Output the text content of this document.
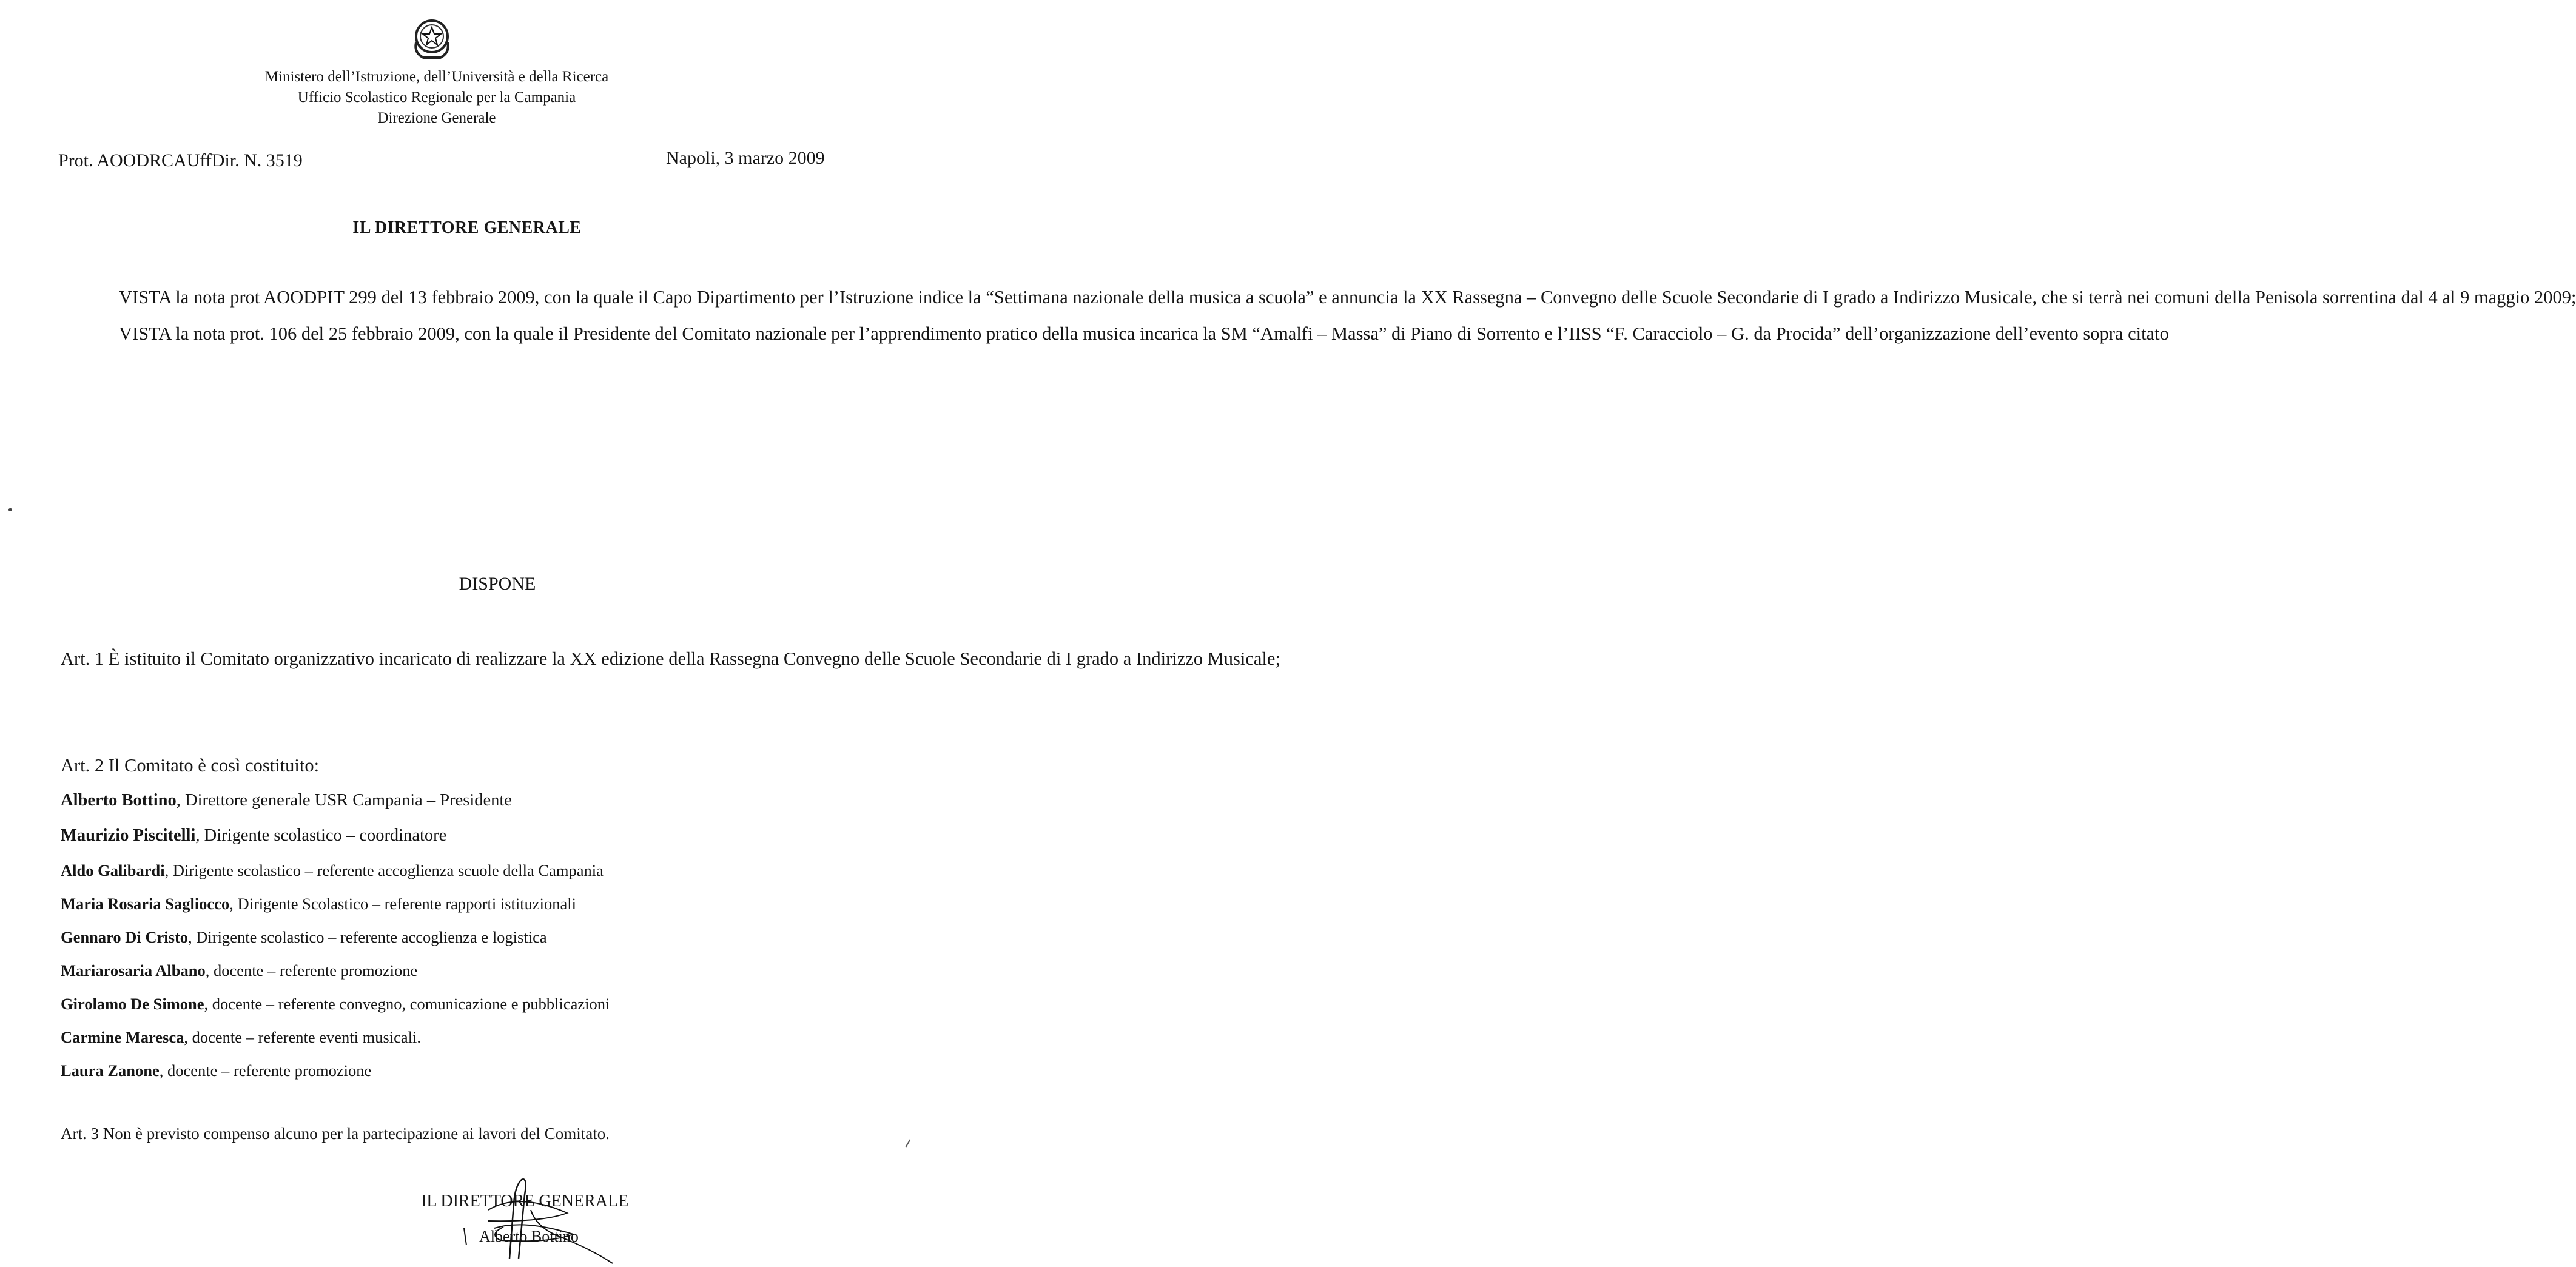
Ministero dell’Istruzione, dell’Università e della Ricerca
Ufficio Scolastico Regionale per la Campania
Direzione Generale
Prot. AOODRCAUffDir. N. 3519	Napoli, 3 marzo 2009
IL DIRETTORE GENERALE

VISTA la nota prot AOODPIT 299 del 13 febbraio 2009, con la quale il Capo Dipartimento per l’Istruzione indice la “Settimana nazionale della musica a scuola” e annuncia la XX Rassegna – Convegno delle Scuole Secondarie di I grado a Indirizzo Musicale, che si terrà nei comuni della Penisola sorrentina dal 4 al 9 maggio 2009;

VISTA la nota prot. 106 del 25 febbraio 2009, con la quale il Presidente del Comitato nazionale per l’apprendimento pratico della musica incarica la SM “Amalfi – Massa” di Piano di Sorrento e l’IISS “F. Caracciolo – G. da Procida” dell’organizzazione dell’evento sopra citato

DISPONE
Art. 1 È istituito il Comitato organizzativo incaricato di realizzare la XX edizione della Rassegna Convegno delle Scuole Secondarie di I grado a Indirizzo Musicale;
Art. 2 Il Comitato è così costituito:
Alberto Bottino, Direttore generale USR Campania – Presidente
Maurizio Piscitelli, Dirigente scolastico – coordinatore
Aldo Galibardi, Dirigente scolastico – referente accoglienza scuole della Campania
Maria Rosaria Sagliocco, Dirigente Scolastico – referente rapporti istituzionali
Gennaro Di Cristo, Dirigente scolastico – referente accoglienza e logistica
Mariarosaria Albano, docente – referente promozione
Girolamo De Simone, docente – referente convegno, comunicazione e pubblicazioni
Carmine Maresca, docente – referente eventi musicali.
Laura Zanone, docente – referente promozione
Art. 3 Non è previsto compenso alcuno per la partecipazione ai lavori del Comitato.
IL DIRETTORE GENERALE
Alberto Bottino
